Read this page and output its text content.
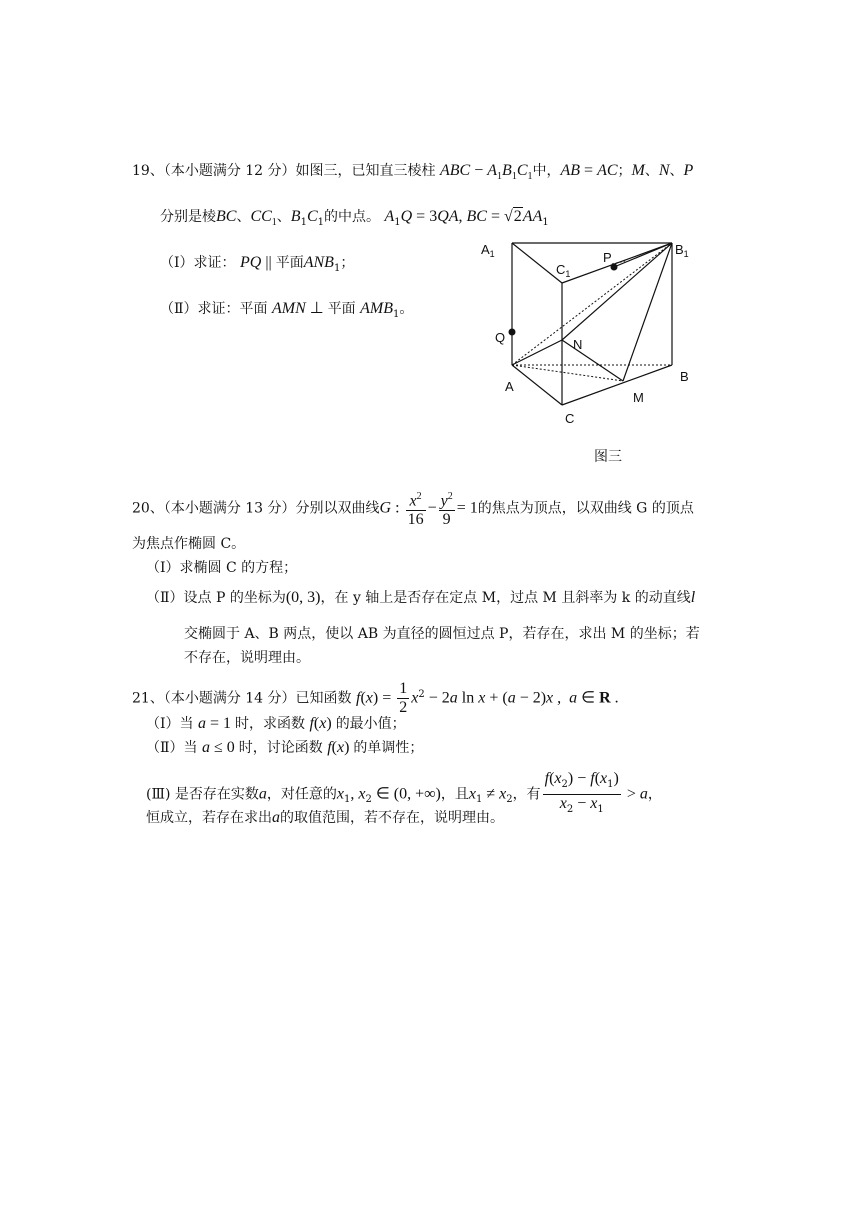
19、（本小题满分 12 分）如图三，已知直三棱柱 ABC − $A_1B_1C_1$中，AB = AC；M、N、P
分别是棱BC、$CC_1$、$B_1C_1$的中点。 $A_1Q = 3QA$, BC = $√2AA_1$
（Ⅰ）求证： PQ || 平面$ANB_1$；
（Ⅱ）求证：平面 AMN ⊥ 平面 $AMB_1$。
$A_1$	$B_1$
$C_1$
P
Q	N
A
B
C
M
图三
20、（本小题满分 13 分）分别以双曲线G : $\frac{x^2}{16} - \frac{y^2}{9} = 1$的焦点为顶点，以双曲线 G 的顶点
为焦点作椭圆 C。
（Ⅰ）求椭圆 C 的方程；
（Ⅱ）设点 P 的坐标为(0, 3)，在 y 轴上是否存在定点 M，过点 M 且斜率为 k 的动直线l
交椭圆于 A、B 两点，使以 AB 为直径的圆恒过点 P，若存在，求出 M 的坐标；若
不存在，说明理由。
21、（本小题满分 14 分）已知函数 $f(x) = \frac{1}{2} x^2 - 2a$ ln x + (a − 2)x ,  a ∈ R .
（Ⅰ）当 a = 1 时，求函数 f(x) 的最小值；
（Ⅱ）当 a ≤ 0 时，讨论函数 f(x) 的单调性；
(Ⅲ) 是否存在实数a，对任意的$x_1$, $x_2$ ∈ (0, +∞)，且$x_1 \ne x_2$，有 $\frac{f(x_2) - f(x_1)}{x_2 - x_1} > a$，
恒成立，若存在求出a的取值范围，若不存在，说明理由。
